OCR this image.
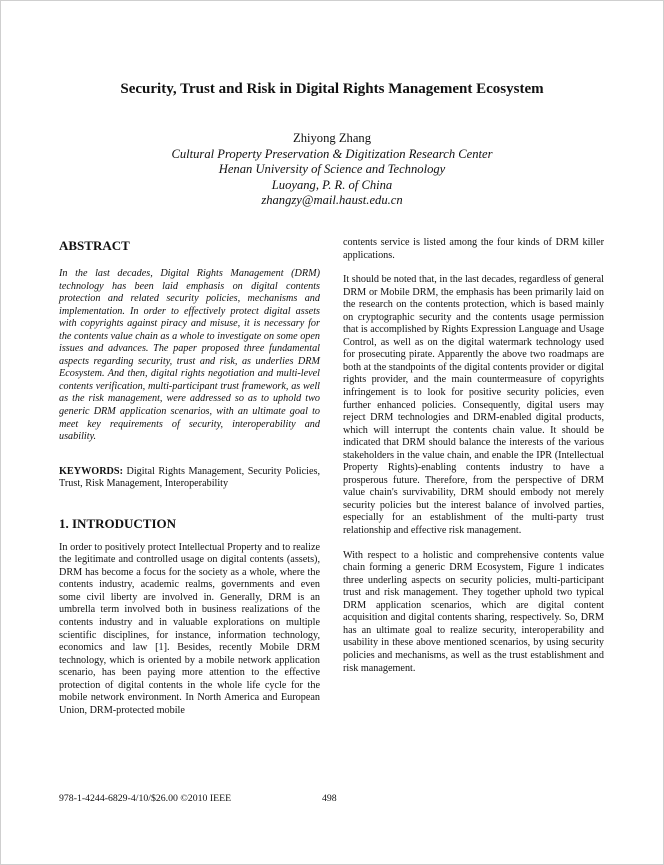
Security, Trust and Risk in Digital Rights Management Ecosystem
Zhiyong Zhang
Cultural Property Preservation & Digitization Research Center
Henan University of Science and Technology
Luoyang, P. R. of China
zhangzy@mail.haust.edu.cn
ABSTRACT

In the last decades, Digital Rights Management (DRM) technology has been laid emphasis on digital contents protection and related security policies, mechanisms and implementation. In order to effectively protect digital assets with copyrights against piracy and misuse, it is necessary for the contents value chain as a whole to investigate on some open issues and advances. The paper proposed three fundamental aspects regarding security, trust and risk, as underlies DRM Ecosystem. And then, digital rights negotiation and multi-level contents verification, multi-participant trust framework, as well as the risk management, were addressed so as to uphold two generic DRM application scenarios, with an ultimate goal to meet key requirements of security, interoperability and usability.

KEYWORDS: Digital Rights Management, Security Policies, Trust, Risk Management, Interoperability

1. INTRODUCTION

In order to positively protect Intellectual Property and to realize the legitimate and controlled usage on digital contents (assets), DRM has become a focus for the society as a whole, where the contents industry, academic realms, governments and even some civil liberty are involved in. Generally, DRM is an umbrella term involved both in business realizations of the contents industry and in valuable explorations on multiple scientific disciplines, for instance, information technology, economics and law [1]. Besides, recently Mobile DRM technology, which is oriented by a mobile network application scenario, has been paying more attention to the effective protection of digital contents in the whole life cycle for the mobile network environment. In North America and European Union, DRM-protected mobile

contents service is listed among the four kinds of DRM killer applications.

It should be noted that, in the last decades, regardless of general DRM or Mobile DRM, the emphasis has been primarily laid on the research on the contents protection, which is based mainly on cryptographic security and the contents usage permission that is accomplished by Rights Expression Language and Usage Control, as well as on the digital watermark technology used for prosecuting pirate. Apparently the above two roadmaps are both at the standpoints of the digital contents provider or digital rights provider, and the main countermeasure of copyrights infringement is to look for positive security policies, even further enhanced policies. Consequently, digital users may reject DRM technologies and DRM-enabled digital products, which will interrupt the contents chain value. It should be indicated that DRM should balance the interests of the various stakeholders in the value chain, and enable the IPR (Intellectual Property Rights)-enabling contents industry to have a prosperous future. Therefore, from the perspective of DRM value chain's survivability, DRM should embody not merely security policies but the interest balance of involved parties, especially for an establishment of the multi-party trust relationship and effective risk management.

With respect to a holistic and comprehensive contents value chain forming a generic DRM Ecosystem, Figure 1 indicates three underling aspects on security policies, multi-participant trust and risk management. They together uphold two typical DRM application scenarios, which are digital content acquisition and digital contents sharing, respectively. So, DRM has an ultimate goal to realize security, interoperability and usability in these above mentioned scenarios, by using security policies and mechanisms, as well as the trust establishment and risk management.

978-1-4244-6829-4/10/$26.00 ©2010 IEEE	498
